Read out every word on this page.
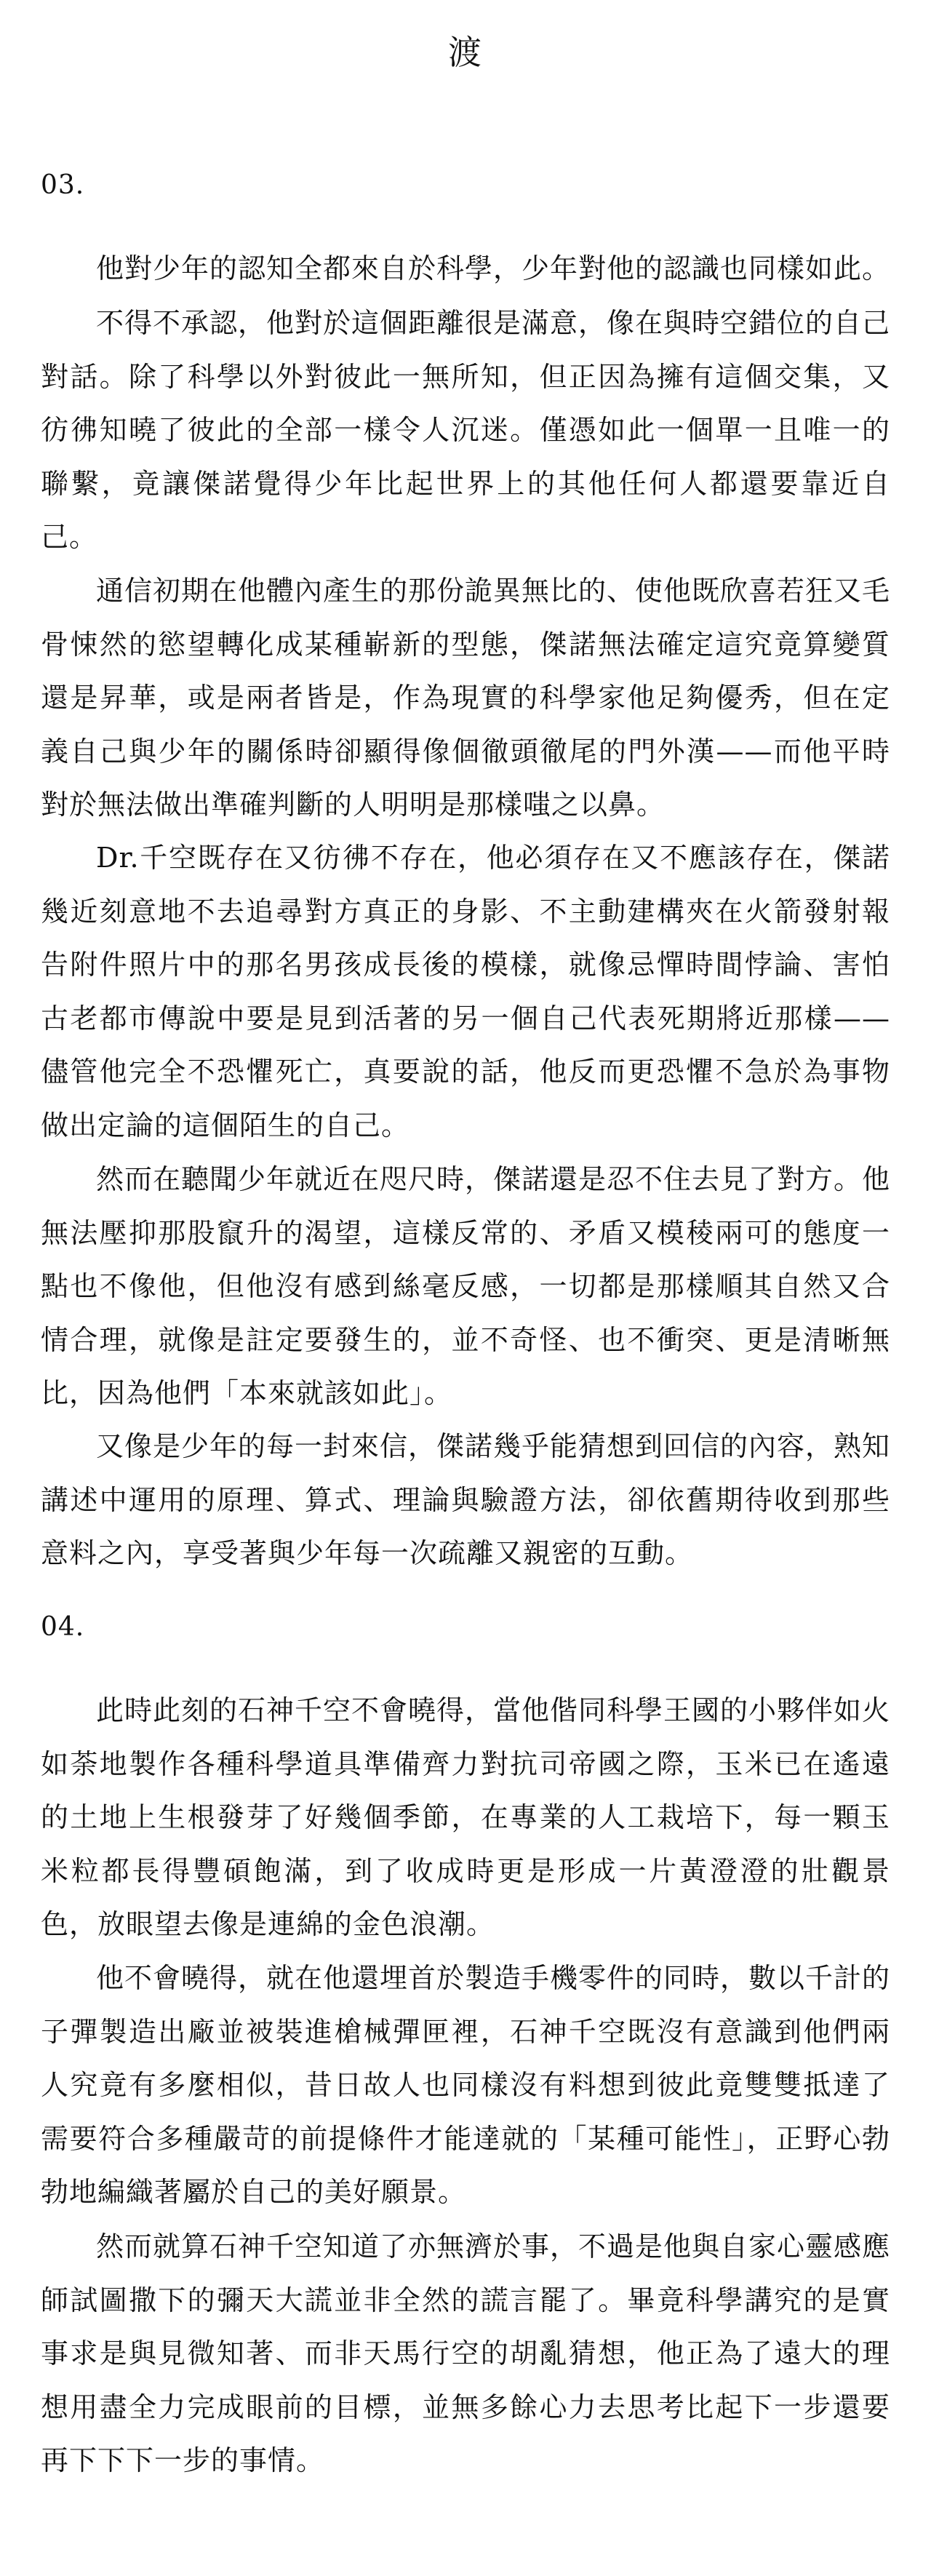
渡
03.

他對少年的認知全都來自於科學，少年對他的認識也同樣如此。

不得不承認，他對於這個距離很是滿意，像在與時空錯位的自己對話。除了科學以外對彼此一無所知，但正因為擁有這個交集，又彷彿知曉了彼此的全部一樣令人沉迷。僅憑如此一個單一且唯一的聯繫，竟讓傑諾覺得少年比起世界上的其他任何人都還要靠近自己。

通信初期在他體內產生的那份詭異無比的、使他既欣喜若狂又毛骨悚然的慾望轉化成某種嶄新的型態，傑諾無法確定這究竟算變質還是昇華，或是兩者皆是，作為現實的科學家他足夠優秀，但在定義自己與少年的關係時卻顯得像個徹頭徹尾的門外漢——而他平時對於無法做出準確判斷的人明明是那樣嗤之以鼻。

Dr.千空既存在又彷彿不存在，他必須存在又不應該存在，傑諾幾近刻意地不去追尋對方真正的身影、不主動建構夾在火箭發射報告附件照片中的那名男孩成長後的模樣，就像忌憚時間悖論、害怕古老都市傳說中要是見到活著的另一個自己代表死期將近那樣——儘管他完全不恐懼死亡，真要說的話，他反而更恐懼不急於為事物做出定論的這個陌生的自己。

然而在聽聞少年就近在咫尺時，傑諾還是忍不住去見了對方。他無法壓抑那股竄升的渴望，這樣反常的、矛盾又模稜兩可的態度一點也不像他，但他沒有感到絲毫反感，一切都是那樣順其自然又合情合理，就像是註定要發生的，並不奇怪、也不衝突、更是清晰無比，因為他們「本來就該如此」。

又像是少年的每一封來信，傑諾幾乎能猜想到回信的內容，熟知講述中運用的原理、算式、理論與驗證方法，卻依舊期待收到那些意料之內，享受著與少年每一次疏離又親密的互動。

04.

此時此刻的石神千空不會曉得，當他偕同科學王國的小夥伴如火如荼地製作各種科學道具準備齊力對抗司帝國之際，玉米已在遙遠的土地上生根發芽了好幾個季節，在專業的人工栽培下，每一顆玉米粒都長得豐碩飽滿，到了收成時更是形成一片黃澄澄的壯觀景色，放眼望去像是連綿的金色浪潮。

他不會曉得，就在他還埋首於製造手機零件的同時，數以千計的子彈製造出廠並被裝進槍械彈匣裡，石神千空既沒有意識到他們兩人究竟有多麼相似，昔日故人也同樣沒有料想到彼此竟雙雙抵達了需要符合多種嚴苛的前提條件才能達就的「某種可能性」，正野心勃勃地編織著屬於自己的美好願景。

然而就算石神千空知道了亦無濟於事，不過是他與自家心靈感應師試圖撒下的彌天大謊並非全然的謊言罷了。畢竟科學講究的是實事求是與見微知著、而非天馬行空的胡亂猜想，他正為了遠大的理想用盡全力完成眼前的目標，並無多餘心力去思考比起下一步還要再下下下一步的事情。
